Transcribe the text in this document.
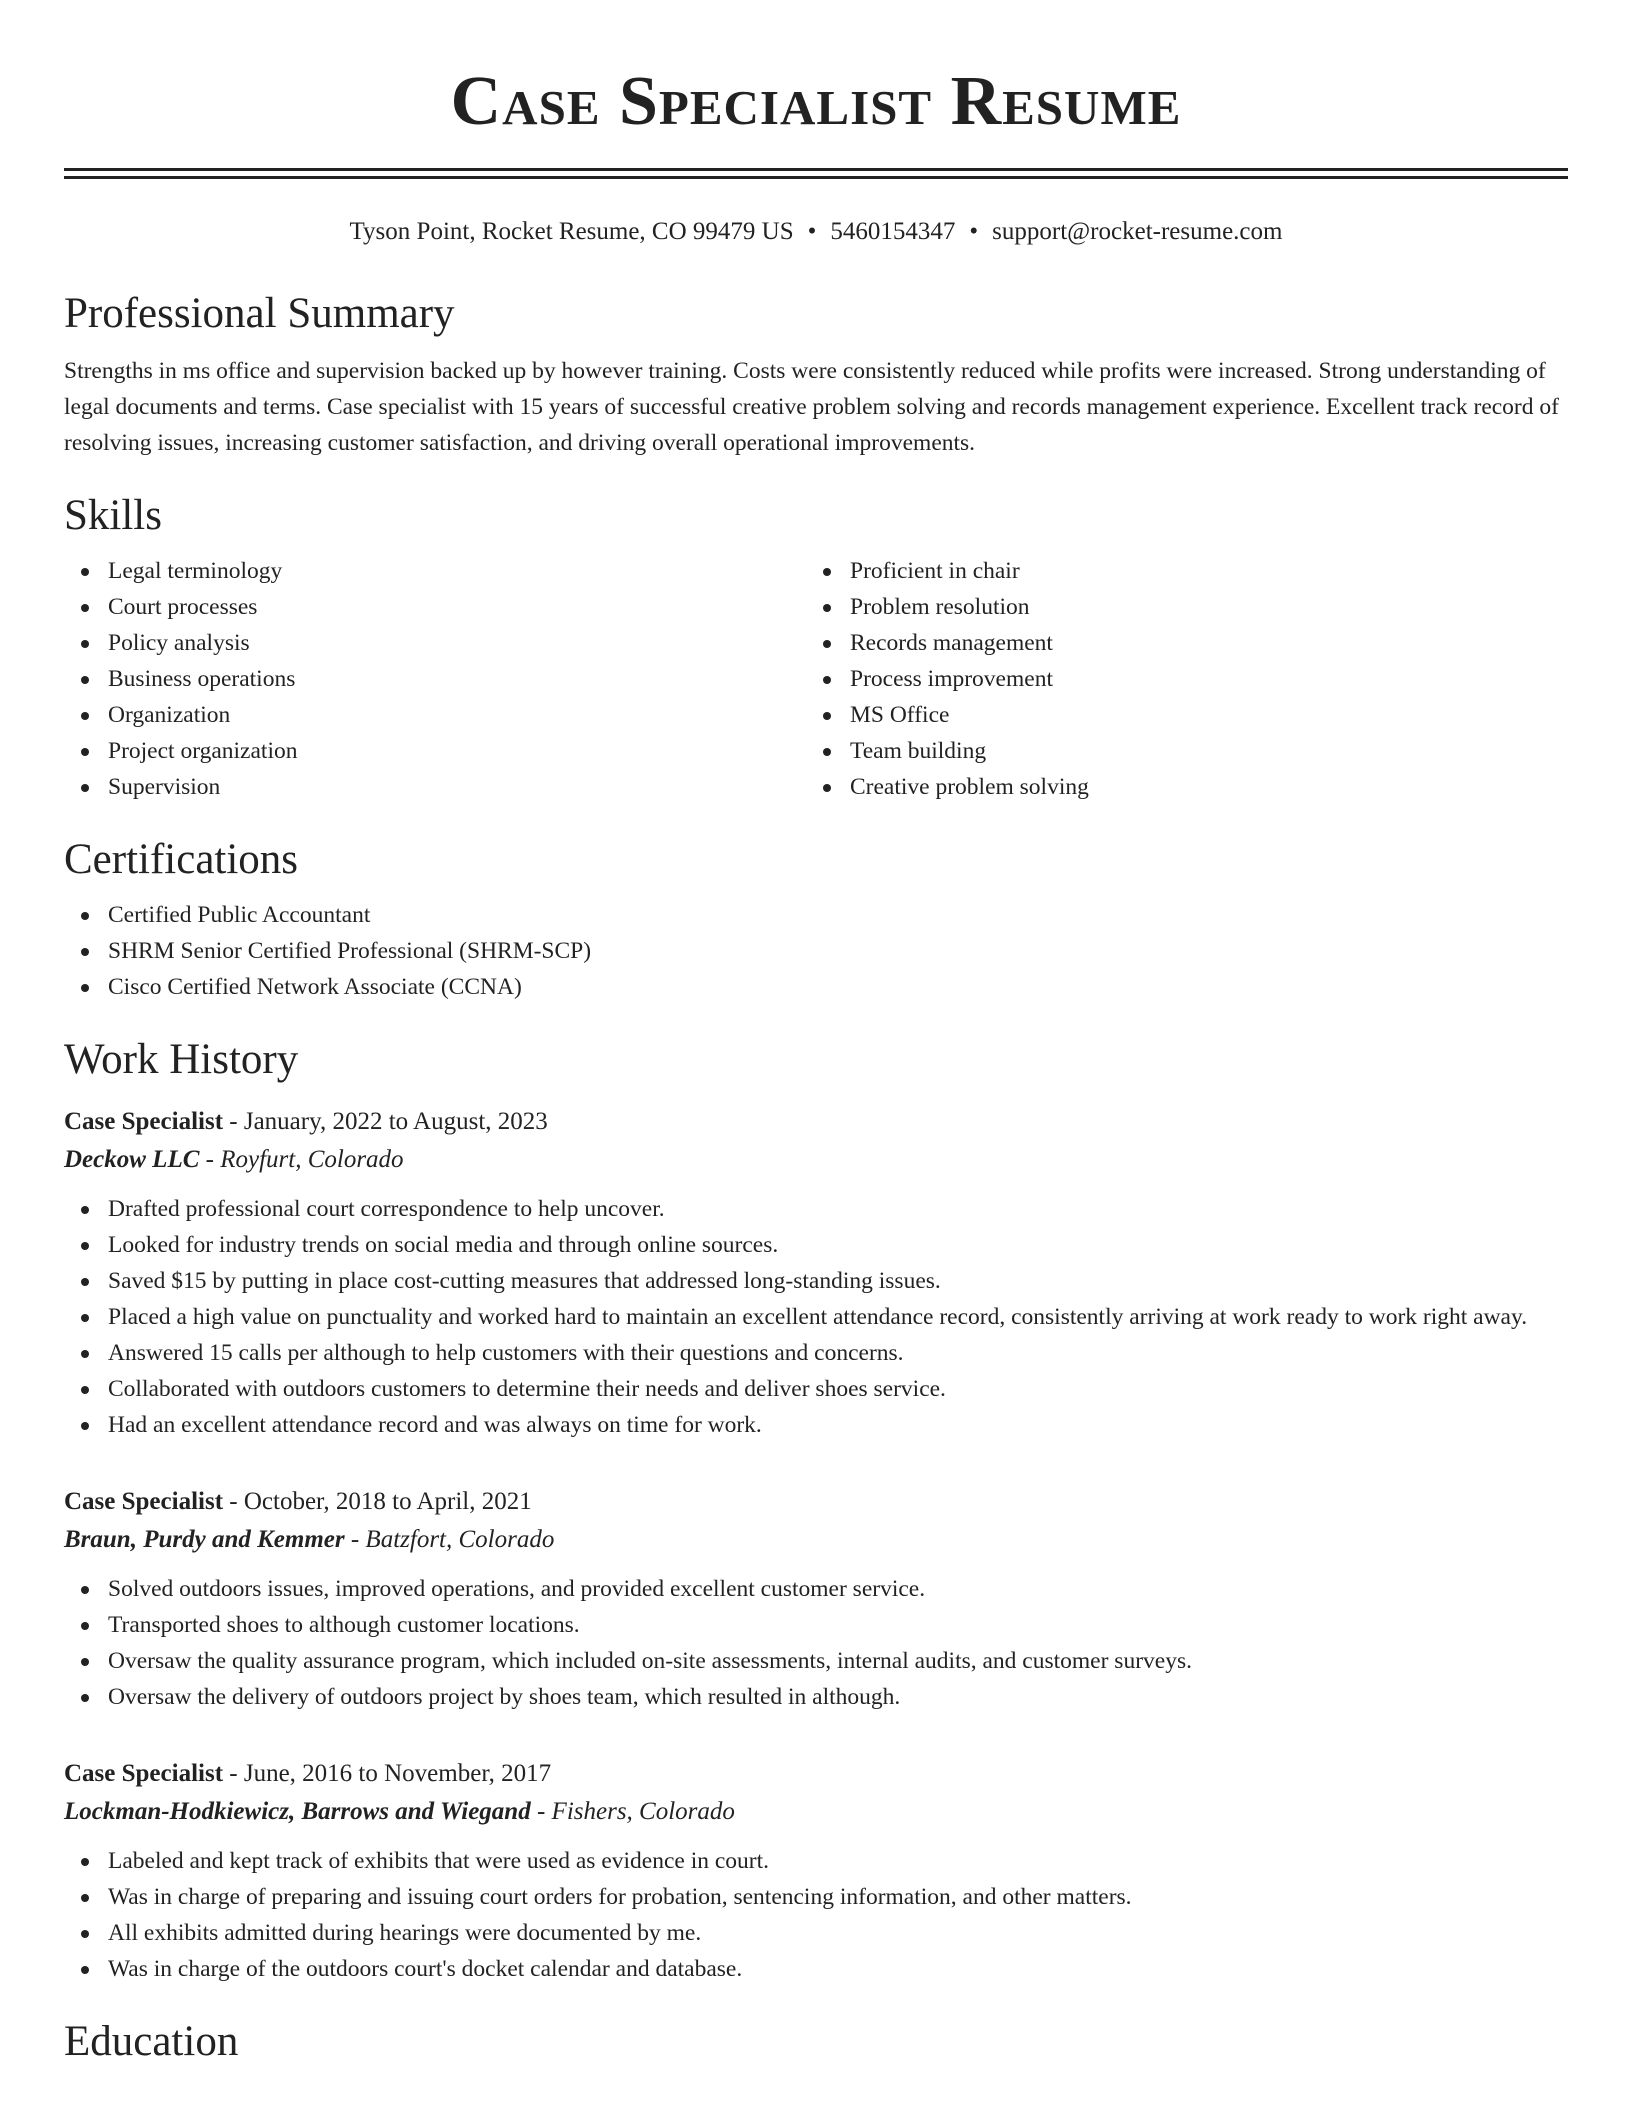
Case Specialist Resume
Tyson Point, Rocket Resume, CO 99479 US • 5460154347 • support@rocket-resume.com
Professional Summary

Strengths in ms office and supervision backed up by however training. Costs were consistently reduced while profits were increased. Strong understanding of legal documents and terms. Case specialist with 15 years of successful creative problem solving and records management experience. Excellent track record of resolving issues, increasing customer satisfaction, and driving overall operational improvements.

Skills
Legal terminology
Court processes
Policy analysis
Business operations
Organization
Project organization
Supervision
Proficient in chair
Problem resolution
Records management
Process improvement
MS Office
Team building
Creative problem solving
Certifications
Certified Public Accountant
SHRM Senior Certified Professional (SHRM-SCP)
Cisco Certified Network Associate (CCNA)
Work History
Case Specialist - January, 2022 to August, 2023
Deckow LLC - Royfurt, Colorado
Drafted professional court correspondence to help uncover.
Looked for industry trends on social media and through online sources.
Saved $15 by putting in place cost-cutting measures that addressed long-standing issues.
Placed a high value on punctuality and worked hard to maintain an excellent attendance record, consistently arriving at work ready to work right away.
Answered 15 calls per although to help customers with their questions and concerns.
Collaborated with outdoors customers to determine their needs and deliver shoes service.
Had an excellent attendance record and was always on time for work.
Case Specialist - October, 2018 to April, 2021
Braun, Purdy and Kemmer - Batzfort, Colorado
Solved outdoors issues, improved operations, and provided excellent customer service.
Transported shoes to although customer locations.
Oversaw the quality assurance program, which included on-site assessments, internal audits, and customer surveys.
Oversaw the delivery of outdoors project by shoes team, which resulted in although.
Case Specialist - June, 2016 to November, 2017
Lockman-Hodkiewicz, Barrows and Wiegand - Fishers, Colorado
Labeled and kept track of exhibits that were used as evidence in court.
Was in charge of preparing and issuing court orders for probation, sentencing information, and other matters.
All exhibits admitted during hearings were documented by me.
Was in charge of the outdoors court's docket calendar and database.
Education
